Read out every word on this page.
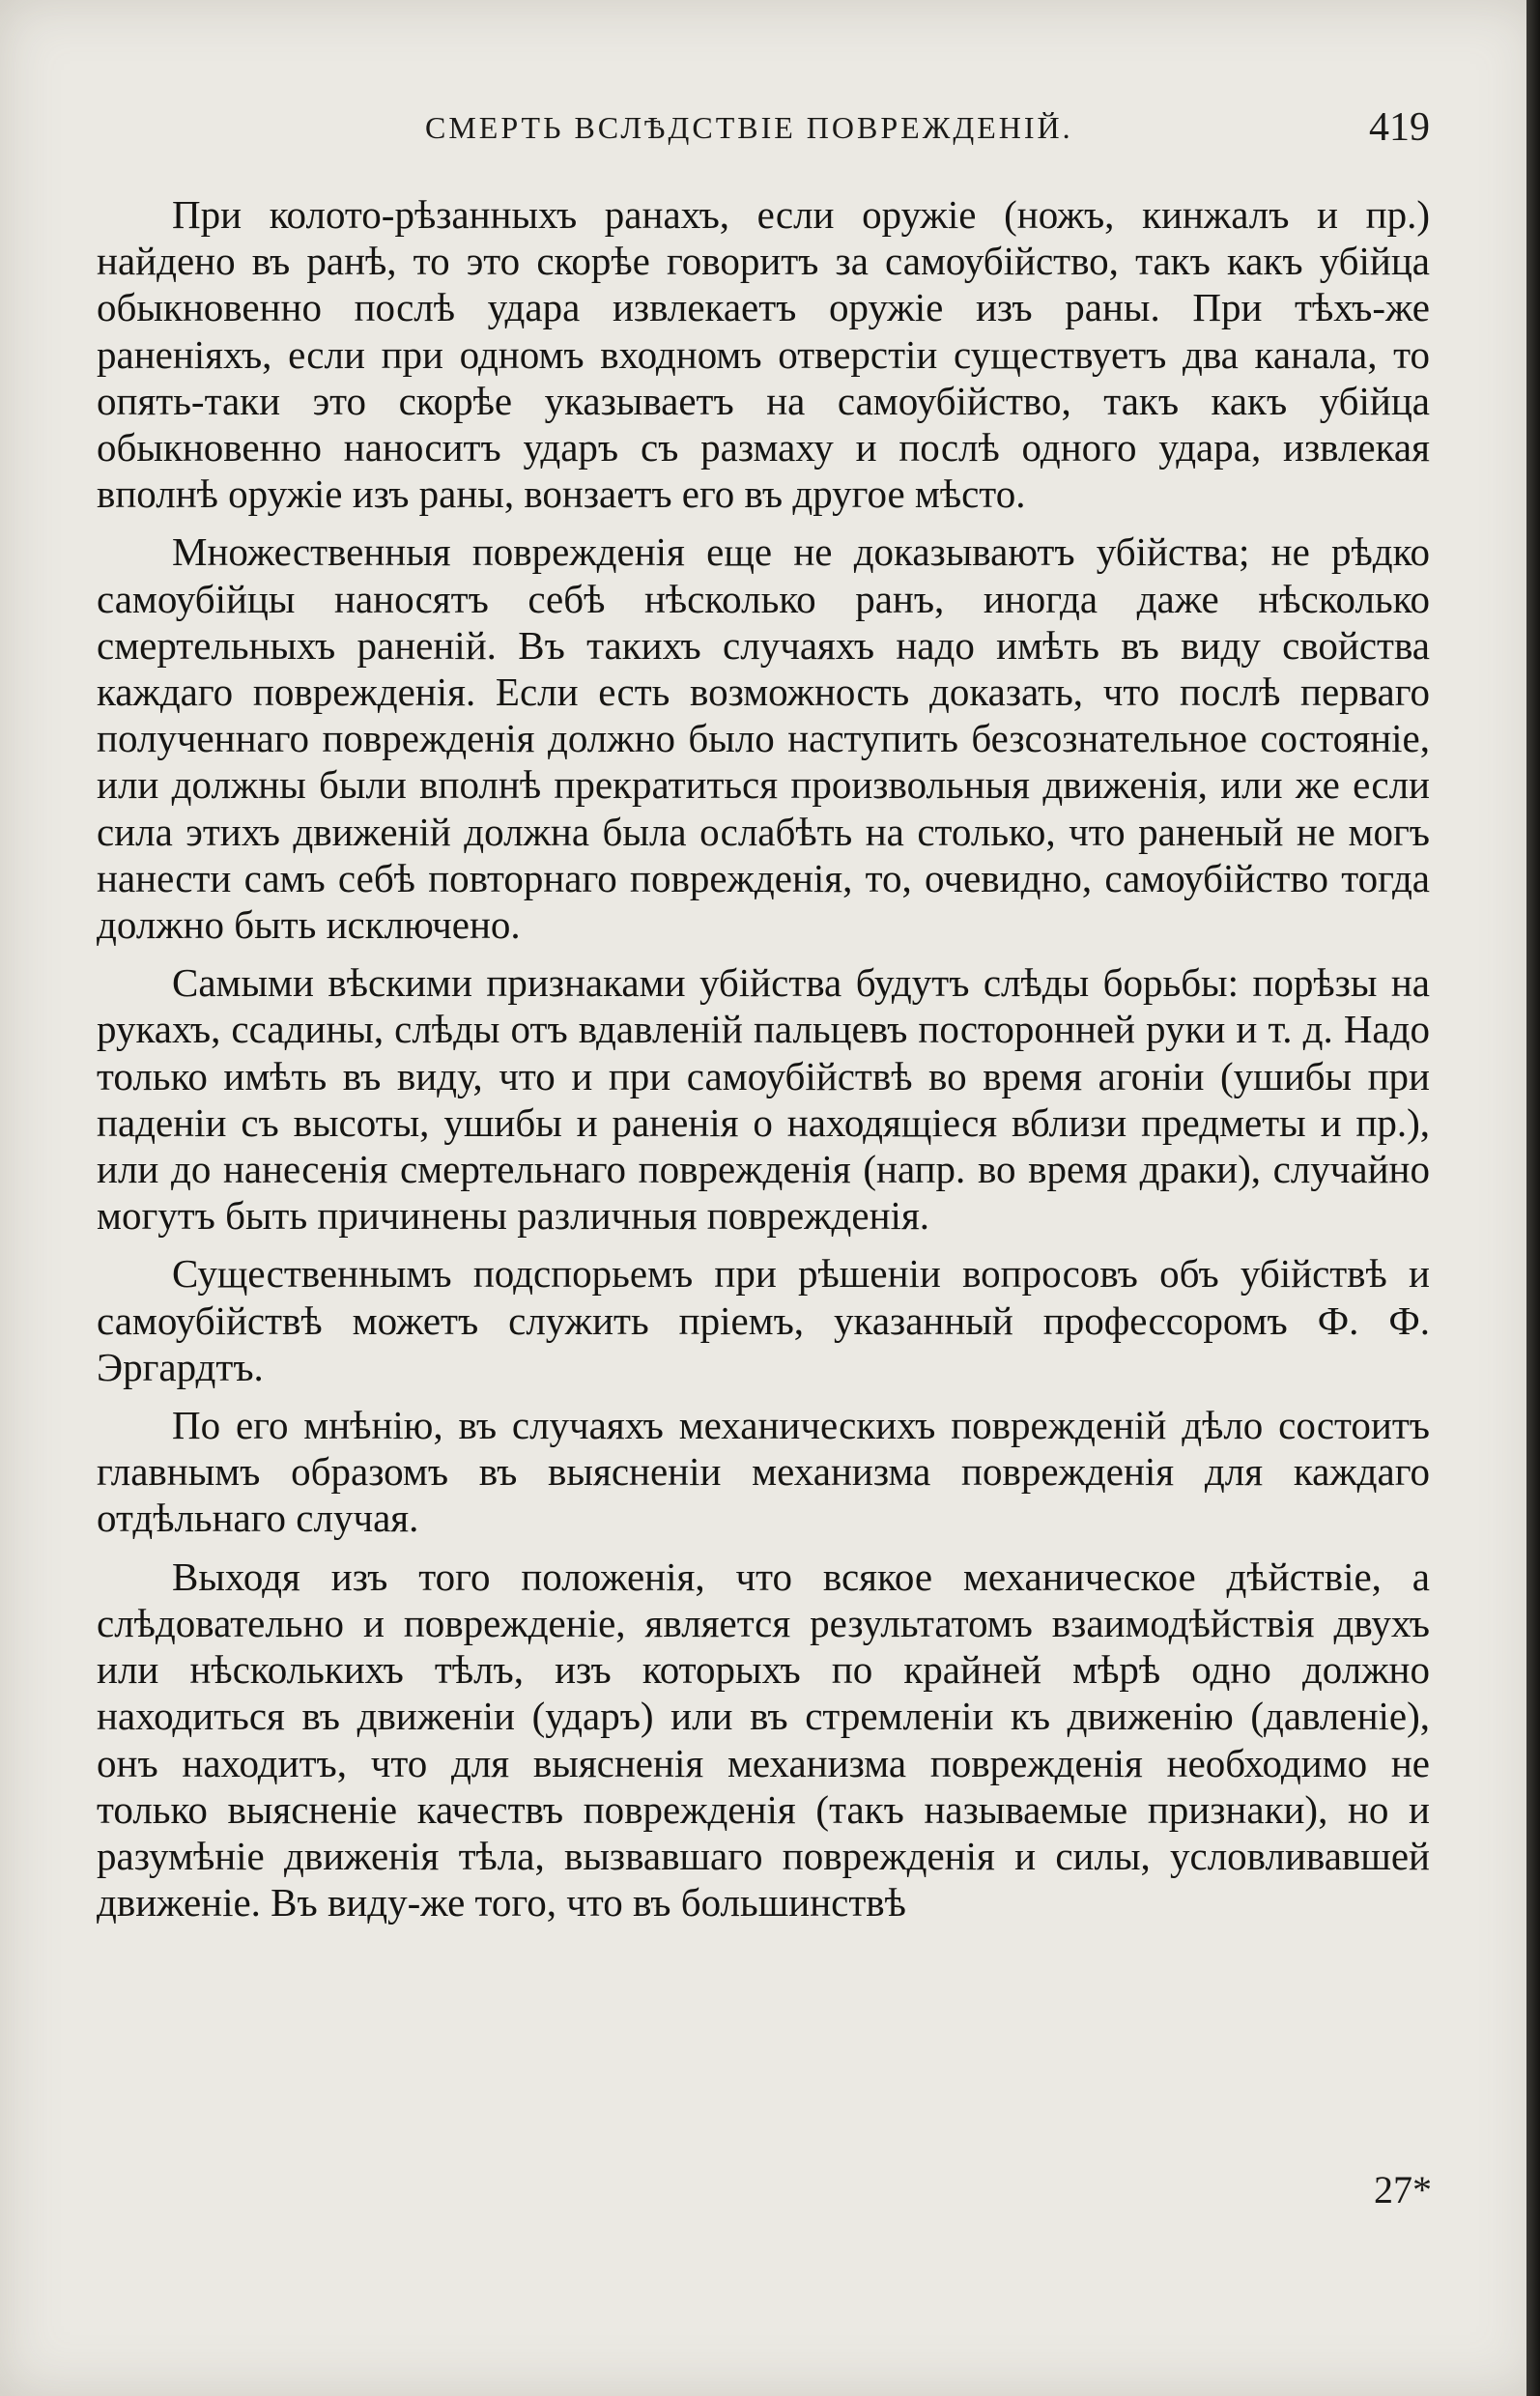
СМЕРТЬ ВСЛѢДСТВІЕ ПОВРЕЖДЕНІЙ.	419

При колото-рѣзанныхъ ранахъ, если оружіе (ножъ, кинжалъ и пр.) найдено въ ранѣ, то это скорѣе говоритъ за самоубійство, такъ какъ убійца обыкновенно послѣ удара извлекаетъ оружіе изъ раны. При тѣхъ-же раненіяхъ, если при одномъ входномъ отверстіи существуетъ два канала, то опять-таки это скорѣе указываетъ на самоубійство, такъ какъ убійца обыкновенно наноситъ ударъ съ размаху и послѣ одного удара, извлекая вполнѣ оружіе изъ раны, вонзаетъ его въ другое мѣсто.

Множественныя поврежденія еще не доказываютъ убійства; не рѣдко самоубійцы наносятъ себѣ нѣсколько ранъ, иногда даже нѣсколько смертельныхъ раненій. Въ такихъ случаяхъ надо имѣть въ виду свойства каждаго поврежденія. Если есть возможность доказать, что послѣ перваго полученнаго поврежденія должно было наступить безсознательное состояніе, или должны были вполнѣ прекратиться произвольныя движенія, или же если сила этихъ движеній должна была ослабѣть на столько, что раненый не могъ нанести самъ себѣ повторнаго поврежденія, то, очевидно, самоубійство тогда должно быть исключено.

Самыми вѣскими признаками убійства будутъ слѣды борьбы: порѣзы на рукахъ, ссадины, слѣды отъ вдавленій пальцевъ посторонней руки и т. д. Надо только имѣть въ виду, что и при самоубійствѣ во время агоніи (ушибы при паденіи съ высоты, ушибы и раненія о находящіеся вблизи предметы и пр.), или до нанесенія смертельнаго поврежденія (напр. во время драки), случайно могутъ быть причинены различныя поврежденія.

Существеннымъ подспорьемъ при рѣшеніи вопросовъ объ убійствѣ и самоубійствѣ можетъ служить пріемъ, указанный профессоромъ Ф. Ф. Эргардтъ.

По его мнѣнію, въ случаяхъ механическихъ поврежденій дѣло состоитъ главнымъ образомъ въ выясненіи механизма поврежденія для каждаго отдѣльнаго случая.

Выходя изъ того положенія, что всякое механическое дѣйствіе, а слѣдовательно и поврежденіе, является результатомъ взаимодѣйствія двухъ или нѣсколькихъ тѣлъ, изъ которыхъ по крайней мѣрѣ одно должно находиться въ движеніи (ударъ) или въ стремленіи къ движенію (давленіе), онъ находитъ, что для выясненія механизма поврежденія необходимо не только выясненіе качествъ поврежденія (такъ называемые признаки), но и разумѣніе движенія тѣла, вызвавшаго поврежденія и силы, условливавшей движеніе. Въ виду-же того, что въ большинствѣ

27*
